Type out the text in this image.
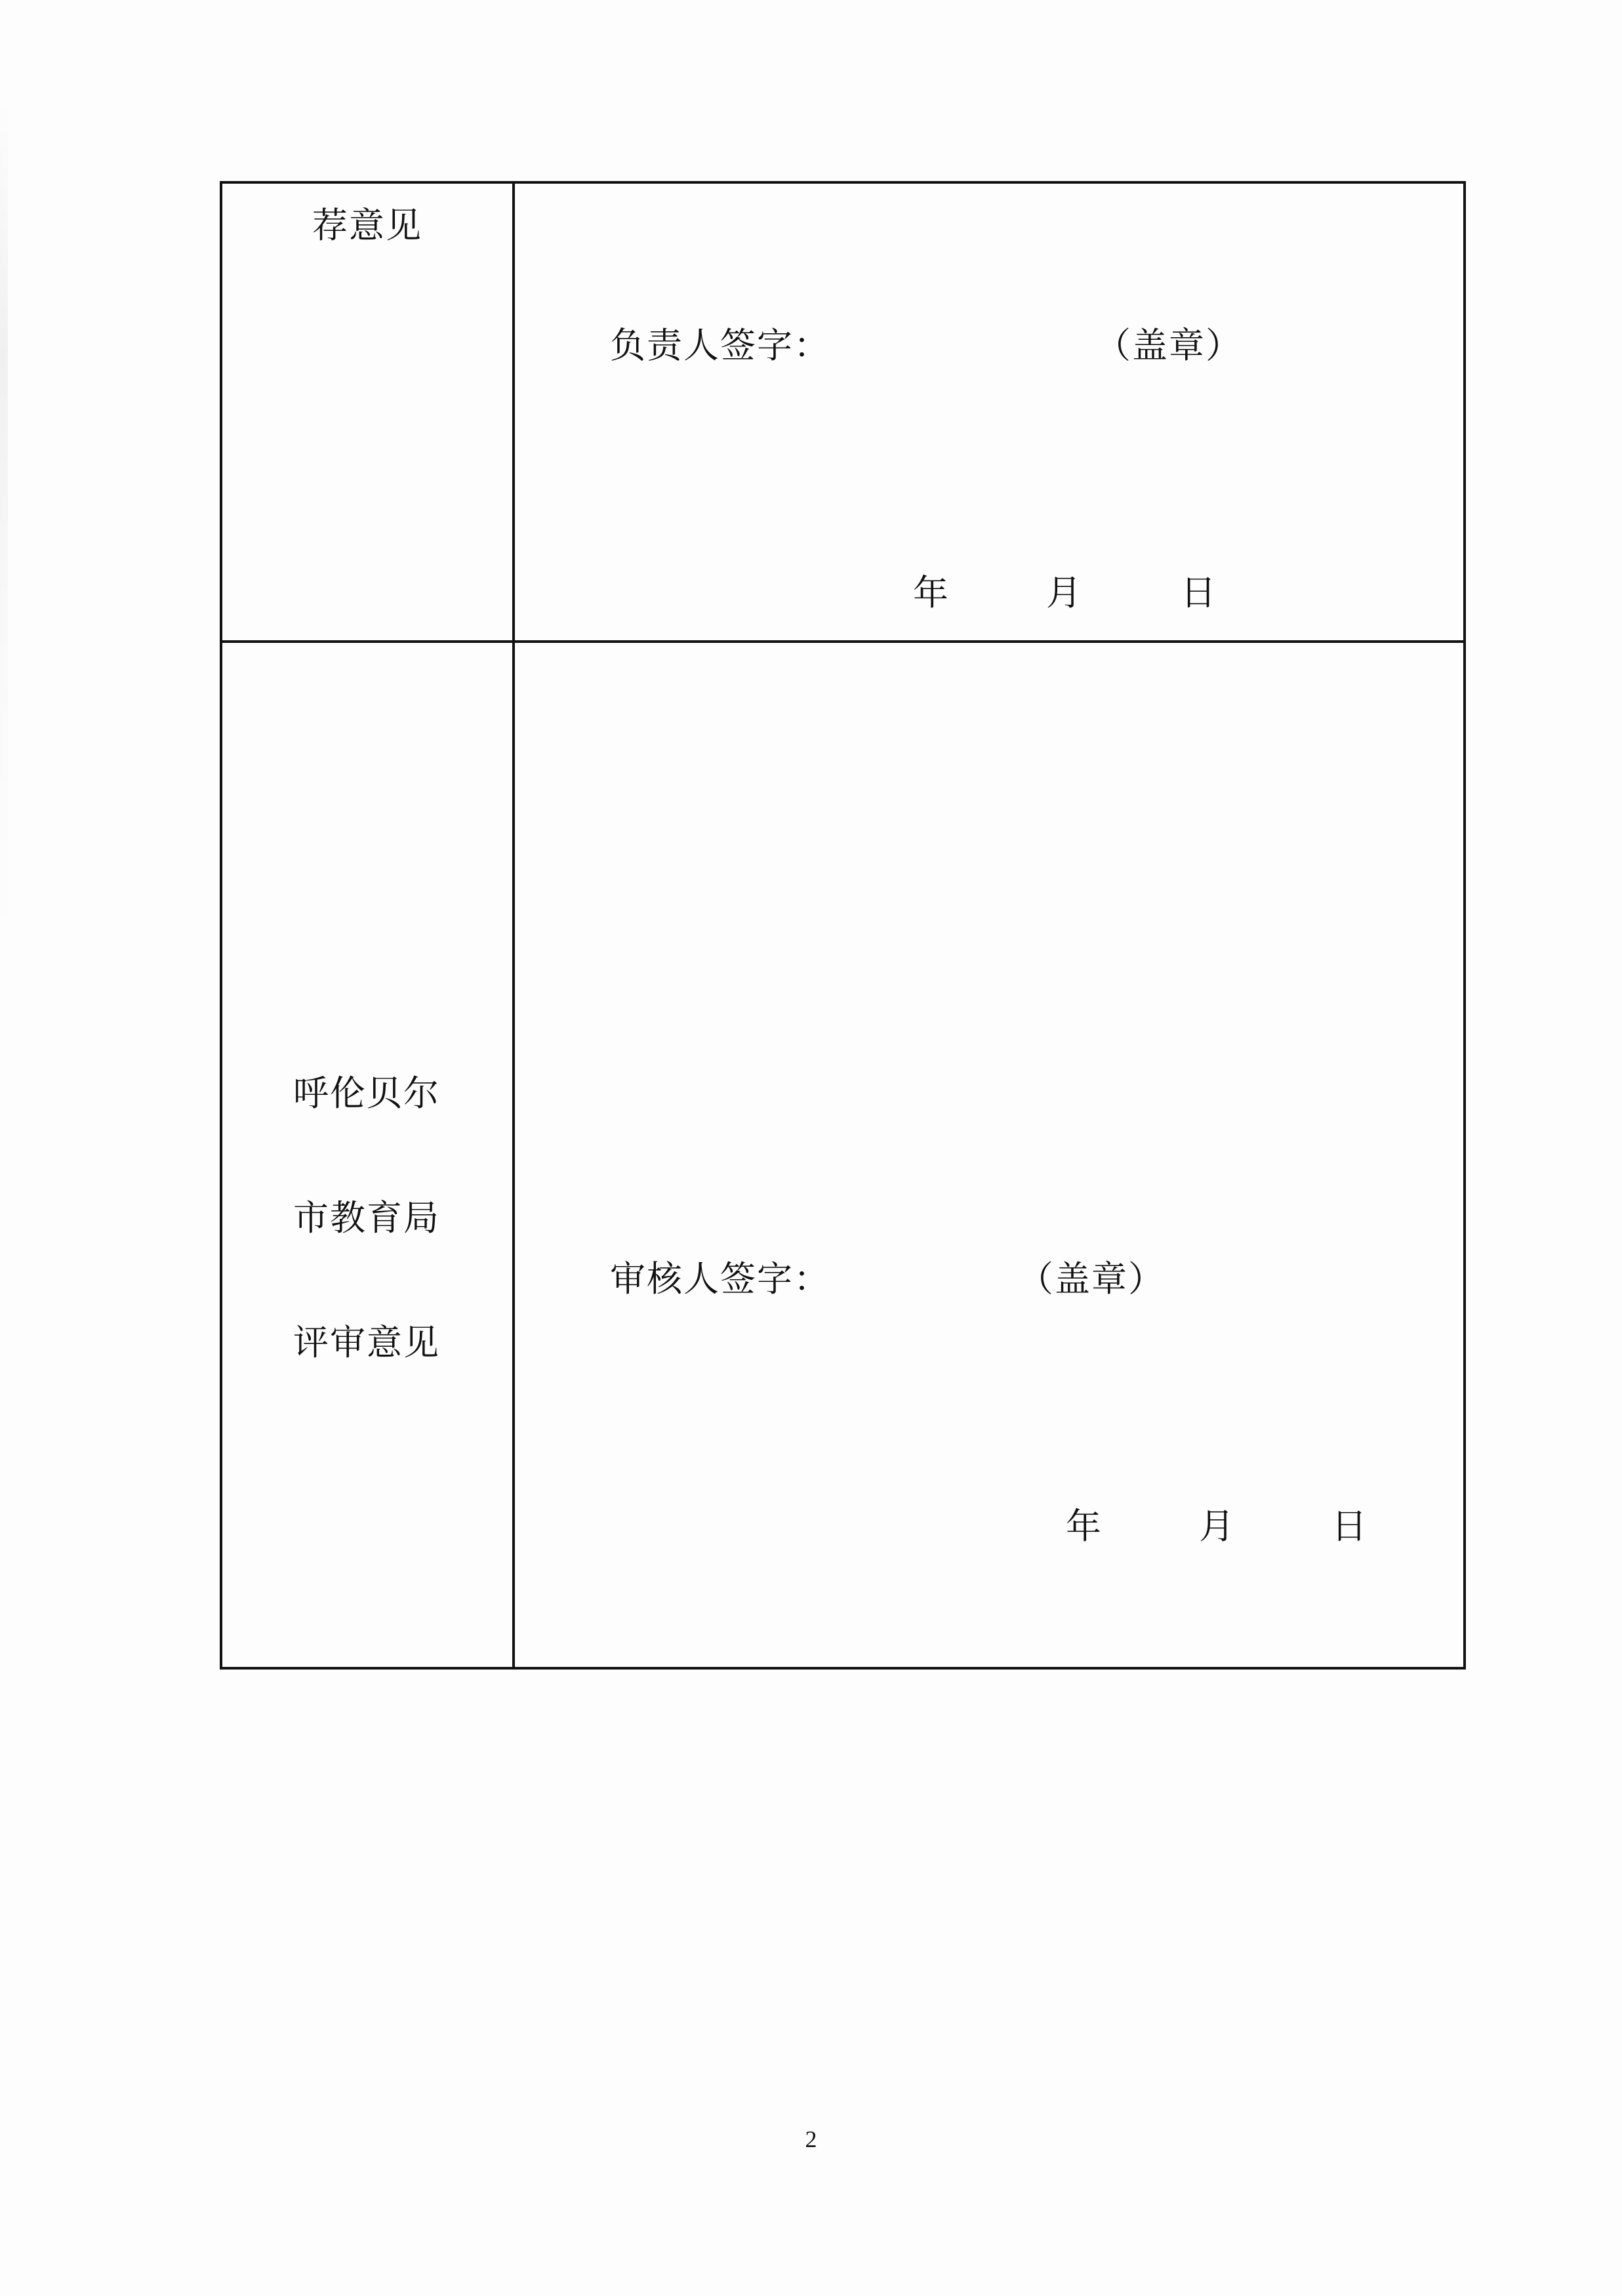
荐意见	负责人签字： （盖章）
年 月 日

呼伦贝尔
市教育局
评审意见	审核人签字： （盖章）
年 月 日
2
